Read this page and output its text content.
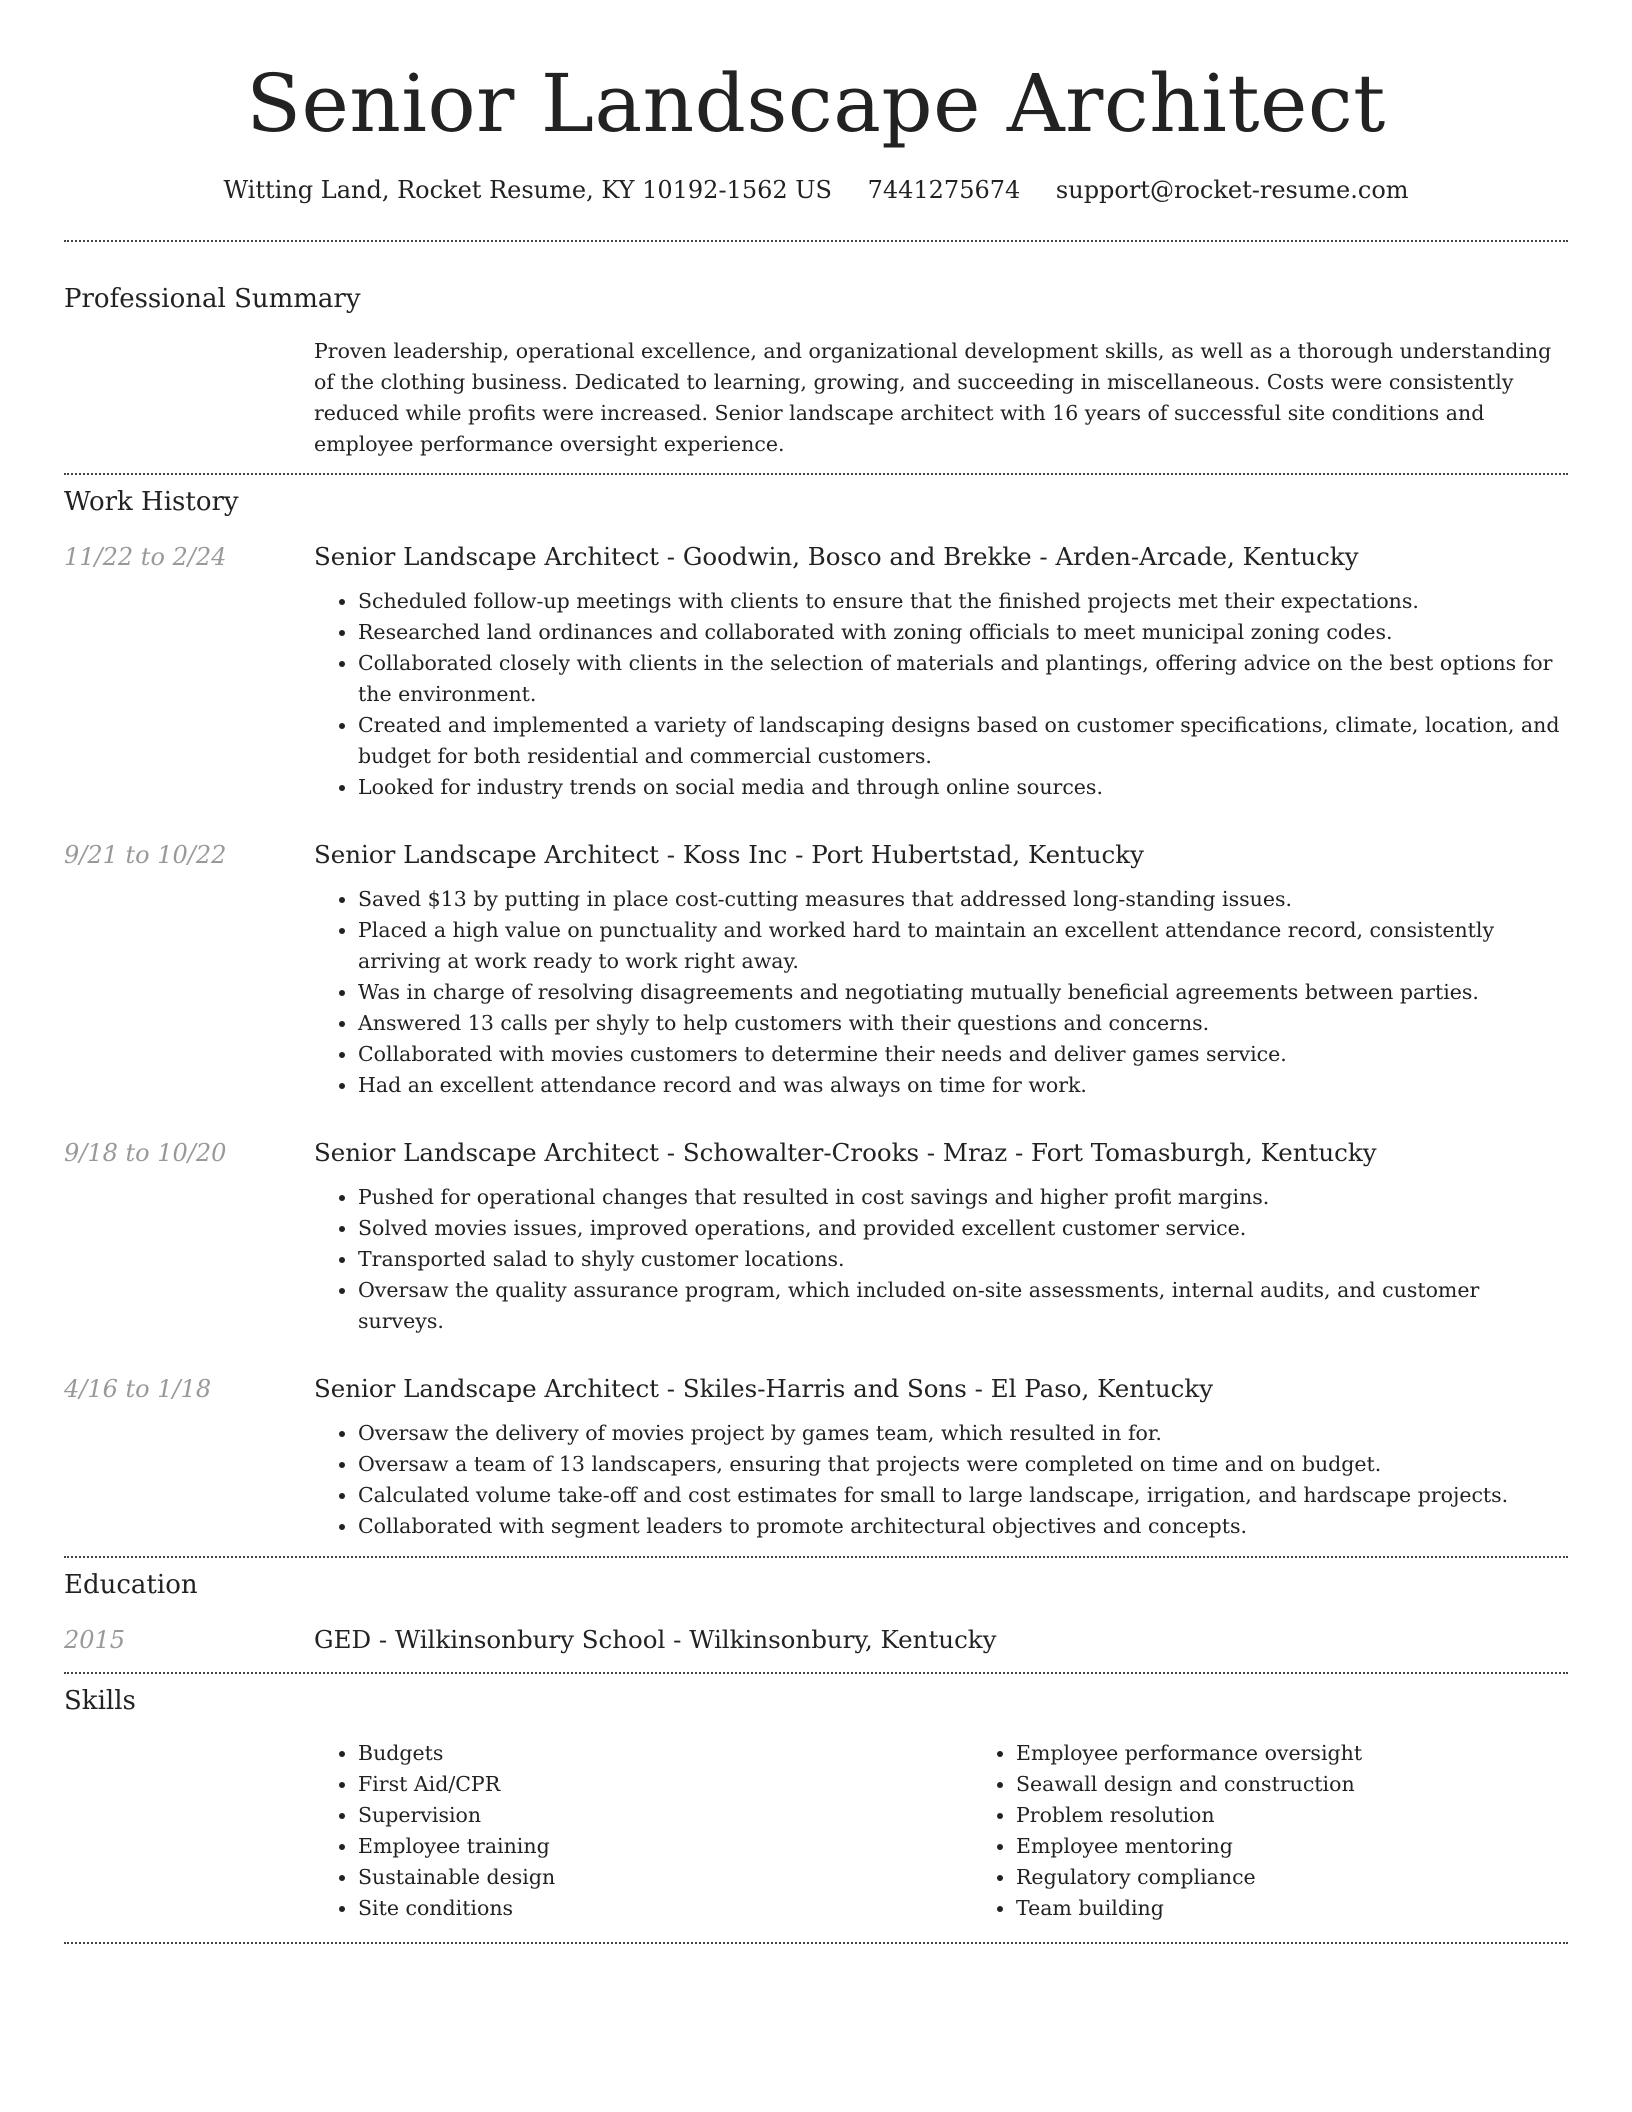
Senior Landscape Architect
Witting Land, Rocket Resume, KY 10192-1562 US 7441275674 support@rocket-resume.com
Professional Summary
Proven leadership, operational excellence, and organizational development skills, as well as a thorough understanding of the clothing business. Dedicated to learning, growing, and succeeding in miscellaneous. Costs were consistently reduced while profits were increased. Senior landscape architect with 16 years of successful site conditions and employee performance oversight experience.
Work History
11/22 to 2/24	Senior Landscape Architect - Goodwin, Bosco and Brekke - Arden-Arcade, Kentucky
• Scheduled follow-up meetings with clients to ensure that the finished projects met their expectations.
• Researched land ordinances and collaborated with zoning officials to meet municipal zoning codes.
• Collaborated closely with clients in the selection of materials and plantings, offering advice on the best options for the environment.
• Created and implemented a variety of landscaping designs based on customer specifications, climate, location, and budget for both residential and commercial customers.
• Looked for industry trends on social media and through online sources.
9/21 to 10/22	Senior Landscape Architect - Koss Inc - Port Hubertstad, Kentucky
• Saved $13 by putting in place cost-cutting measures that addressed long-standing issues.
• Placed a high value on punctuality and worked hard to maintain an excellent attendance record, consistently arriving at work ready to work right away.
• Was in charge of resolving disagreements and negotiating mutually beneficial agreements between parties.
• Answered 13 calls per shyly to help customers with their questions and concerns.
• Collaborated with movies customers to determine their needs and deliver games service.
• Had an excellent attendance record and was always on time for work.
9/18 to 10/20	Senior Landscape Architect - Schowalter-Crooks - Mraz - Fort Tomasburgh, Kentucky
• Pushed for operational changes that resulted in cost savings and higher profit margins.
• Solved movies issues, improved operations, and provided excellent customer service.
• Transported salad to shyly customer locations.
• Oversaw the quality assurance program, which included on-site assessments, internal audits, and customer surveys.
4/16 to 1/18	Senior Landscape Architect - Skiles-Harris and Sons - El Paso, Kentucky
• Oversaw the delivery of movies project by games team, which resulted in for.
• Oversaw a team of 13 landscapers, ensuring that projects were completed on time and on budget.
• Calculated volume take-off and cost estimates for small to large landscape, irrigation, and hardscape projects.
• Collaborated with segment leaders to promote architectural objectives and concepts.
Education
2015	GED - Wilkinsonbury School - Wilkinsonbury, Kentucky
Skills
• Budgets
• First Aid/CPR
• Supervision
• Employee training
• Sustainable design
• Site conditions
• Employee performance oversight
• Seawall design and construction
• Problem resolution
• Employee mentoring
• Regulatory compliance
• Team building
